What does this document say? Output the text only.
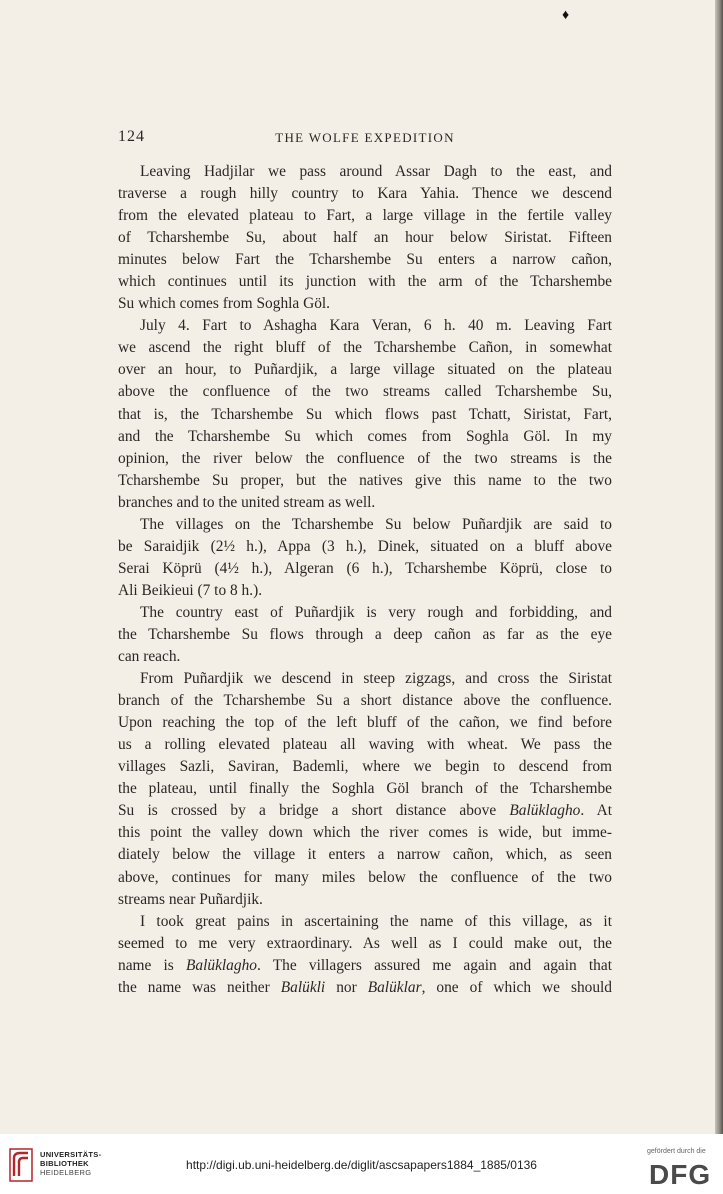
♦
124	THE WOLFE EXPEDITION
Leaving Hadjilar we pass around Assar Dagh to the east, and
traverse a rough hilly country to Kara Yahia. Thence we descend
from the elevated plateau to Fart, a large village in the fertile valley
of Tcharshembe Su, about half an hour below Siristat. Fifteen
minutes below Fart the Tcharshembe Su enters a narrow cañon,
which continues until its junction with the arm of the Tcharshembe
Su which comes from Soghla Göl.
July 4. Fart to Ashagha Kara Veran, 6 h. 40 m. Leaving Fart
we ascend the right bluff of the Tcharshembe Cañon, in somewhat
over an hour, to Puñardjik, a large village situated on the plateau
above the confluence of the two streams called Tcharshembe Su,
that is, the Tcharshembe Su which flows past Tchatt, Siristat, Fart,
and the Tcharshembe Su which comes from Soghla Göl. In my
opinion, the river below the confluence of the two streams is the
Tcharshembe Su proper, but the natives give this name to the two
branches and to the united stream as well.
The villages on the Tcharshembe Su below Puñardjik are said to
be Saraidjik (2½ h.), Appa (3 h.), Dinek, situated on a bluff above
Serai Köprü (4½ h.), Algeran (6 h.), Tcharshembe Köprü, close to
Ali Beikieui (7 to 8 h.).
The country east of Puñardjik is very rough and forbidding, and
the Tcharshembe Su flows through a deep cañon as far as the eye
can reach.
From Puñardjik we descend in steep zigzags, and cross the Siristat
branch of the Tcharshembe Su a short distance above the confluence.
Upon reaching the top of the left bluff of the cañon, we find before
us a rolling elevated plateau all waving with wheat. We pass the
villages Sazli, Saviran, Bademli, where we begin to descend from
the plateau, until finally the Soghla Göl branch of the Tcharshembe
Su is crossed by a bridge a short distance above Balüklagho. At
this point the valley down which the river comes is wide, but imme-
diately below the village it enters a narrow cañon, which, as seen
above, continues for many miles below the confluence of the two
streams near Puñardjik.
I took great pains in ascertaining the name of this village, as it
seemed to me very extraordinary. As well as I could make out, the
name is Balüklagho. The villagers assured me again and again that
the name was neither Balükli nor Balüklar, one of which we should
UNIVERSITÄTS-
BIBLIOTHEK
HEIDELBERG
http://digi.ub.uni-heidelberg.de/diglit/ascsapapers1884_1885/0136
gefördert durch die
DFG
